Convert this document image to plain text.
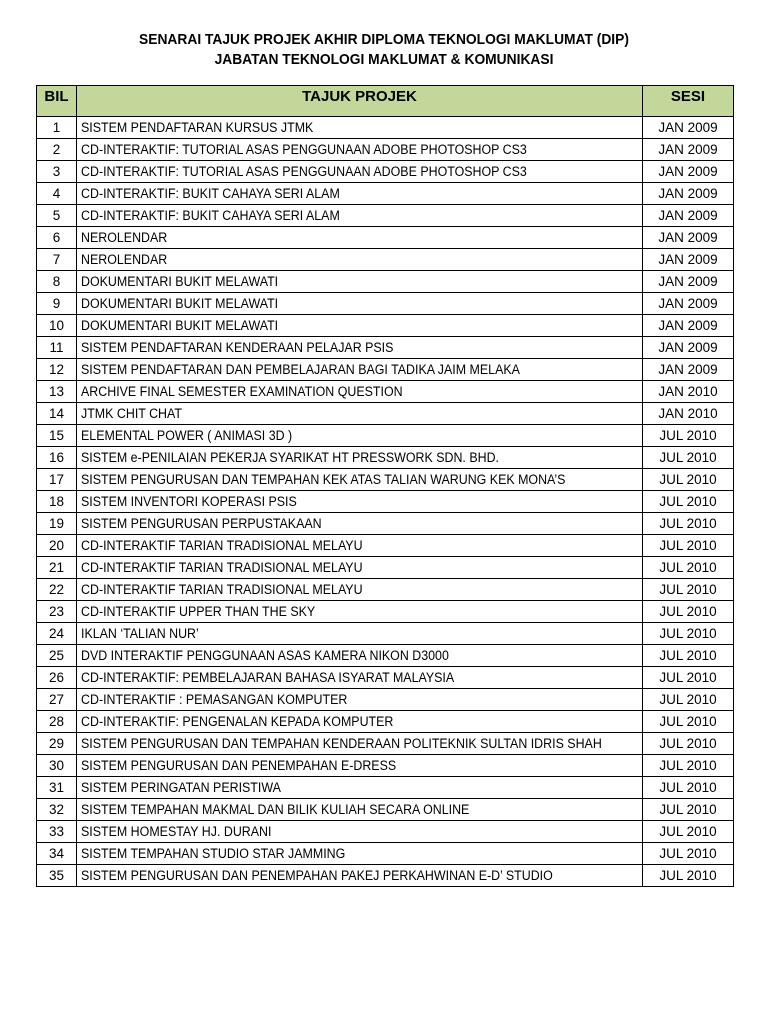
SENARAI TAJUK PROJEK AKHIR DIPLOMA TEKNOLOGI MAKLUMAT (DIP)
JABATAN TEKNOLOGI MAKLUMAT & KOMUNIKASI
BIL	TAJUK PROJEK	SESI
1	SISTEM PENDAFTARAN KURSUS JTMK	JAN 2009
2	CD-INTERAKTIF: TUTORIAL ASAS PENGGUNAAN ADOBE PHOTOSHOP CS3	JAN 2009
3	CD-INTERAKTIF: TUTORIAL ASAS PENGGUNAAN ADOBE PHOTOSHOP CS3	JAN 2009
4	CD-INTERAKTIF: BUKIT CAHAYA SERI ALAM	JAN 2009
5	CD-INTERAKTIF: BUKIT CAHAYA SERI ALAM	JAN 2009
6	NEROLENDAR	JAN 2009
7	NEROLENDAR	JAN 2009
8	DOKUMENTARI BUKIT MELAWATI	JAN 2009
9	DOKUMENTARI BUKIT MELAWATI	JAN 2009
10	DOKUMENTARI BUKIT MELAWATI	JAN 2009
11	SISTEM PENDAFTARAN KENDERAAN PELAJAR PSIS	JAN 2009
12	SISTEM PENDAFTARAN DAN PEMBELAJARAN BAGI TADIKA JAIM MELAKA	JAN 2009
13	ARCHIVE FINAL SEMESTER EXAMINATION QUESTION	JAN 2010
14	JTMK CHIT CHAT	JAN 2010
15	ELEMENTAL POWER ( ANIMASI 3D )	JUL 2010
16	SISTEM e-PENILAIAN PEKERJA SYARIKAT HT PRESSWORK SDN. BHD.	JUL 2010
17	SISTEM PENGURUSAN DAN TEMPAHAN KEK ATAS TALIAN WARUNG KEK MONA’S	JUL 2010
18	SISTEM INVENTORI KOPERASI PSIS	JUL 2010
19	SISTEM PENGURUSAN PERPUSTAKAAN	JUL 2010
20	CD-INTERAKTIF TARIAN TRADISIONAL MELAYU	JUL 2010
21	CD-INTERAKTIF TARIAN TRADISIONAL MELAYU	JUL 2010
22	CD-INTERAKTIF TARIAN TRADISIONAL MELAYU	JUL 2010
23	CD-INTERAKTIF UPPER THAN THE SKY	JUL 2010
24	IKLAN ‘TALIAN NUR’	JUL 2010
25	DVD INTERAKTIF PENGGUNAAN ASAS KAMERA NIKON D3000	JUL 2010
26	CD-INTERAKTIF: PEMBELAJARAN BAHASA ISYARAT MALAYSIA	JUL 2010
27	CD-INTERAKTIF : PEMASANGAN KOMPUTER	JUL 2010
28	CD-INTERAKTIF: PENGENALAN KEPADA KOMPUTER	JUL 2010
29	SISTEM PENGURUSAN DAN TEMPAHAN KENDERAAN POLITEKNIK SULTAN IDRIS SHAH	JUL 2010
30	SISTEM PENGURUSAN DAN PENEMPAHAN E-DRESS	JUL 2010
31	SISTEM PERINGATAN PERISTIWA	JUL 2010
32	SISTEM TEMPAHAN MAKMAL DAN BILIK KULIAH SECARA ONLINE	JUL 2010
33	SISTEM HOMESTAY HJ. DURANI	JUL 2010
34	SISTEM TEMPAHAN STUDIO STAR JAMMING	JUL 2010
35	SISTEM PENGURUSAN DAN PENEMPAHAN PAKEJ PERKAHWINAN E-D’ STUDIO	JUL 2010
